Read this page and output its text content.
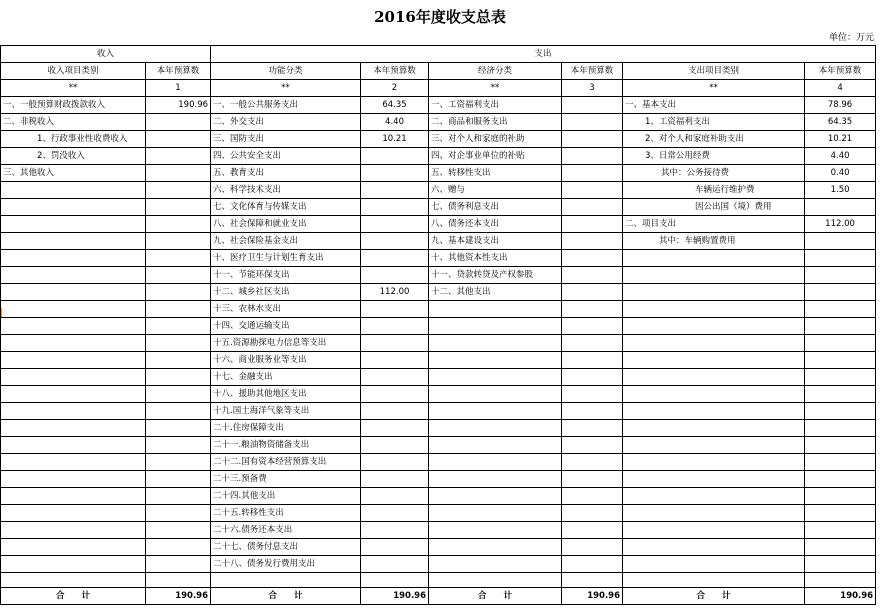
2016年度收支总表
单位：万元
收入		支出					
收入项目类别	本年预算数	功能分类	本年预算数	经济分类	本年预算数	支出项目类别	本年预算数
**	1	**	2	**	3	**	4
一、一般预算财政拨款收入	190.96	一、一般公共服务支出	64.35	一、工资福利支出		一、基本支出	78.96
二、非税收入		二、外交支出	4.40	二、商品和服务支出		1、工资福利支出	64.35
1、行政事业性收费收入		三、国防支出	10.21	三、对个人和家庭的补助		2、对个人和家庭补助支出	10.21
2、罚没收入		四、公共安全支出		四、对企事业单位的补贴		3、日常公用经费	4.40
三、其他收入		五、教育支出		五、转移性支出		其中：公务接待费	0.40
		六、科学技术支出		六、赠与		车辆运行维护费	1.50
		七、文化体育与传媒支出		七、债务利息支出		因公出国（境）费用	
		八、社会保障和就业支出		八、债务还本支出		二、项目支出	112.00
		九、社会保险基金支出		九、基本建设支出		其中：车辆购置费用	
		十、医疗卫生与计划生育支出		十、其他资本性支出			
		十一、节能环保支出		十一、贷款转贷及产权参股			
		十二、城乡社区支出	112.00	十二、其他支出			
		十三、农林水支出					
		十四、交通运输支出					
		十五.资源勘探电力信息等支出					
		十六、商业服务业等支出					
		十七、金融支出					
		十八、援助其他地区支出					
		十九.国土海洋气象等支出					
		二十.住房保障支出					
		二十一.粮油物资储备支出					
		二十二.国有资本经营预算支出					
		二十三.预备费					
		二十四.其他支出					
		二十五.转移性支出					
		二十六.债务还本支出					
		二十七、债务付息支出					
		二十八、债务发行费用支出					

合　　计	190.96	合　　计	190.96	合　　计	190.96	合　　计	190.96
